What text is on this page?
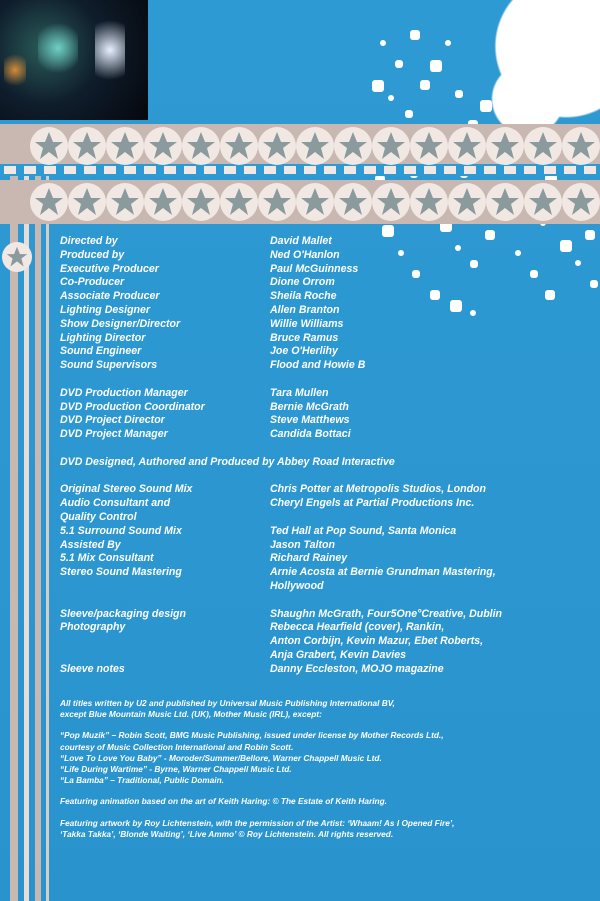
Directed by	David Mallet
Produced by	Ned O'Hanlon
Executive Producer	Paul McGuinness
Co-Producer	Dione Orrom
Associate Producer	Sheila Roche
Lighting Designer	Allen Branton
Show Designer/Director	Willie Williams
Lighting Director	Bruce Ramus
Sound Engineer	Joe O'Herlihy
Sound Supervisors	Flood and Howie B
DVD Production Manager	Tara Mullen
DVD Production Coordinator	Bernie McGrath
DVD Project Director	Steve Matthews
DVD Project Manager	Candida Bottaci
DVD Designed, Authored and Produced by Abbey Road Interactive
Original Stereo Sound Mix	Chris Potter at Metropolis Studios, London
Audio Consultant and	Cheryl Engels at Partial Productions Inc.
Quality Control
5.1 Surround Sound Mix	Ted Hall at Pop Sound, Santa Monica
Assisted By	Jason Talton
5.1 Mix Consultant	Richard Rainey
Stereo Sound Mastering	Arnie Acosta at Bernie Grundman Mastering,
Hollywood
Sleeve/packaging design	Shaughn McGrath, Four5One°Creative, Dublin
Photography	Rebecca Hearfield (cover), Rankin,
Anton Corbijn, Kevin Mazur, Ebet Roberts,
Anja Grabert, Kevin Davies
Sleeve notes	Danny Eccleston, MOJO magazine

All titles written by U2 and published by Universal Music Publishing International BV,
except Blue Mountain Music Ltd. (UK), Mother Music (IRL), except:

“Pop Muzik” – Robin Scott, BMG Music Publishing, issued under license by Mother Records Ltd.,
courtesy of Music Collection International and Robin Scott.
“Love To Love You Baby” - Moroder/Summer/Bellore, Warner Chappell Music Ltd.
“Life During Wartime” - Byrne, Warner Chappell Music Ltd.
“La Bamba” – Traditional, Public Domain.

Featuring animation based on the art of Keith Haring: © The Estate of Keith Haring.

Featuring artwork by Roy Lichtenstein, with the permission of the Artist: ‘Whaam! As I Opened Fire’,
‘Takka Takka’, ‘Blonde Waiting’, ‘Live Ammo’ © Roy Lichtenstein. All rights reserved.
